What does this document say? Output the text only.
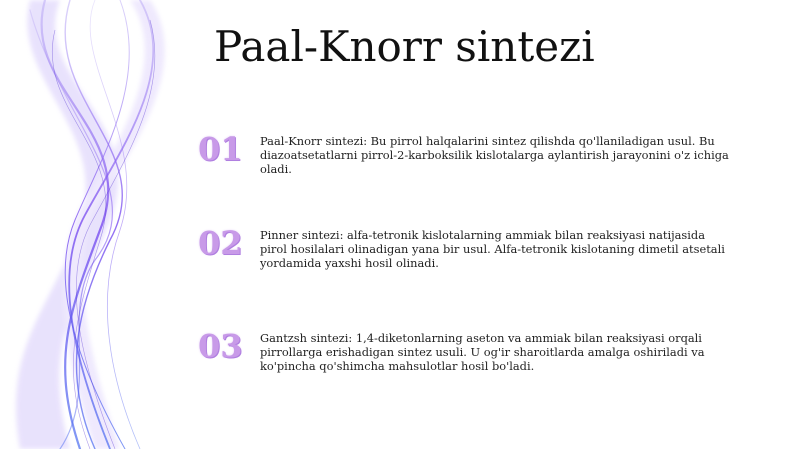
Paal-Knorr sintezi
01 Paal-Knorr sintezi: Bu pirrol halqalarini sintez qilishda qo'llaniladigan usul. Bu diazoatsetatlarni pirrol-2-karboksilik kislotalarga aylantirish jarayonini o'z ichiga oladi.
02 Pinner sintezi: alfa-tetronik kislotalarning ammiak bilan reaksiyasi natijasida pirol hosilalari olinadigan yana bir usul. Alfa-tetronik kislotaning dimetil atsetali yordamida yaxshi hosil olinadi.
03 Gantzsh sintezi: 1,4-diketonlarning aseton va ammiak bilan reaksiyasi orqali pirrollarga erishadigan sintez usuli. U og'ir sharoitlarda amalga oshiriladi va ko'pincha qo'shimcha mahsulotlar hosil bo'ladi.
